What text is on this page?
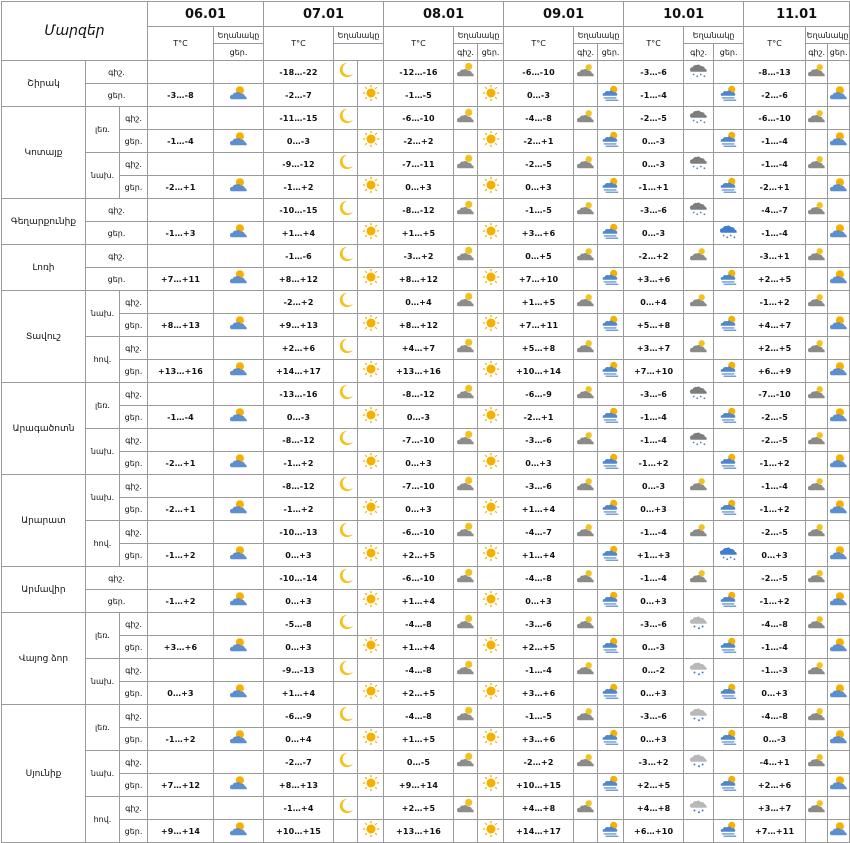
Մարզեր			06.01		07.01			08.01			09.01			10.01			11.01		
			T°C	Եղանակը	T°C	Եղանակը		T°C	Եղանակը		T°C	Եղանակը		T°C	Եղանակը		T°C	Եղանակը	
				ցեր.					գիշ.	ցեր.		գիշ.	ցեր.		գիշ.	ցեր.		գիշ.	ցեր.
Շիրակ	գիշ.				-18…-22			-12…-16			-6…-10			-3…-6			-8…-13	

	ցեր.		-3…-8		-2…-7			-1…-5			0…-3			-1…-4			-2…-6		

Կոտայք	լեռ.	գիշ.			-11…-15			-6…-10			-4…-8			-2…-5			-6…-10	

		ցեր.	-1…-4		0…-3			-2…+2			-2…+1			0…-3			-1…-4		

	նախ.	գիշ.			-9…-12			-7…-11			-2…-5			0…-3			-1…-4	

		ցեր.	-2…+1		-1…+2			0…+3			0…+3			-1…+1			-2…+1		

Գեղարքունիք	գիշ.				-10…-15			-8…-12			-1…-5			-3…-6			-4…-7	

	ցեր.		-1…+3		+1…+4			+1…+5			+3…+6			0…-3			-1…-4		

Լոռի	գիշ.				-1…-6			-3…+2			0…+5			-2…+2			-3…+1	

	ցեր.		+7…+11		+8…+12			+8…+12			+7…+10			+3…+6			+2…+5		

Տավուշ	նախ.	գիշ.			-2…+2			0…+4			+1…+5			0…+4			-1…+2	

		ցեր.	+8…+13		+9…+13			+8…+12			+7…+11			+5…+8			+4…+7		

	հով.	գիշ.			+2…+6			+4…+7			+5…+8			+3…+7			+2…+5	

		ցեր.	+13…+16		+14…+17			+13…+16			+10…+14			+7…+10			+6…+9		

Արագածոտն	լեռ.	գիշ.			-13…-16			-8…-12			-6…-9			-3…-6			-7…-10	

		ցեր.	-1…-4		0…-3			0…-3			-2…+1			-1…-4			-2…-5		

	նախ.	գիշ.			-8…-12			-7…-10			-3…-6			-1…-4			-2…-5	

		ցեր.	-2…+1		-1…+2			0…+3			0…+3			-1…+2			-1…+2		

Արարատ	նախ.	գիշ.			-8…-12			-7…-10			-3…-6			0…-3			-1…-4	

		ցեր.	-2…+1		-1…+2			0…+3			+1…+4			0…+3			-1…+2		

	հով.	գիշ.			-10…-13			-6…-10			-4…-7			-1…-4			-2…-5	

		ցեր.	-1…+2		0…+3			+2…+5			+1…+4			+1…+3			0…+3		

Արմավիր	գիշ.				-10…-14			-6…-10			-4…-8			-1…-4			-2…-5	

	ցեր.		-1…+2		0…+3			+1…+4			0…+3			0…+3			-1…+2		

Վայոց ձոր	լեռ.	գիշ.			-5…-8			-4…-8			-3…-6			-3…-6			-4…-8	

		ցեր.	+3…+6		0…+3			+1…+4			+2…+5			0…-3			-1…-4		

	նախ.	գիշ.			-9…-13			-4…-8			-1…-4			0…-2			-1…-3	

		ցեր.	0…+3		+1…+4			+2…+5			+3…+6			0…+3			0…+3		

Սյունիք	լեռ.	գիշ.			-6…-9			-4…-8			-1…-5			-3…-6			-4…-8	

		ցեր.	-1…+2		0…+4			+1…+5			+3…+6			0…+3			0…-3		

	նախ.	գիշ.			-2…-7			0…-5			-2…+2			-3…+2			-4…+1	

		ցեր.	+7…+12		+8…+13			+9…+14			+10…+15			+2…+5			+2…+6		

	հով.	գիշ.			-1…+4			+2…+5			+4…+8			+4…+8			+3…+7	

		ցեր.	+9…+14		+10…+15			+13…+16			+14…+17			+6…+10			+7…+11		
